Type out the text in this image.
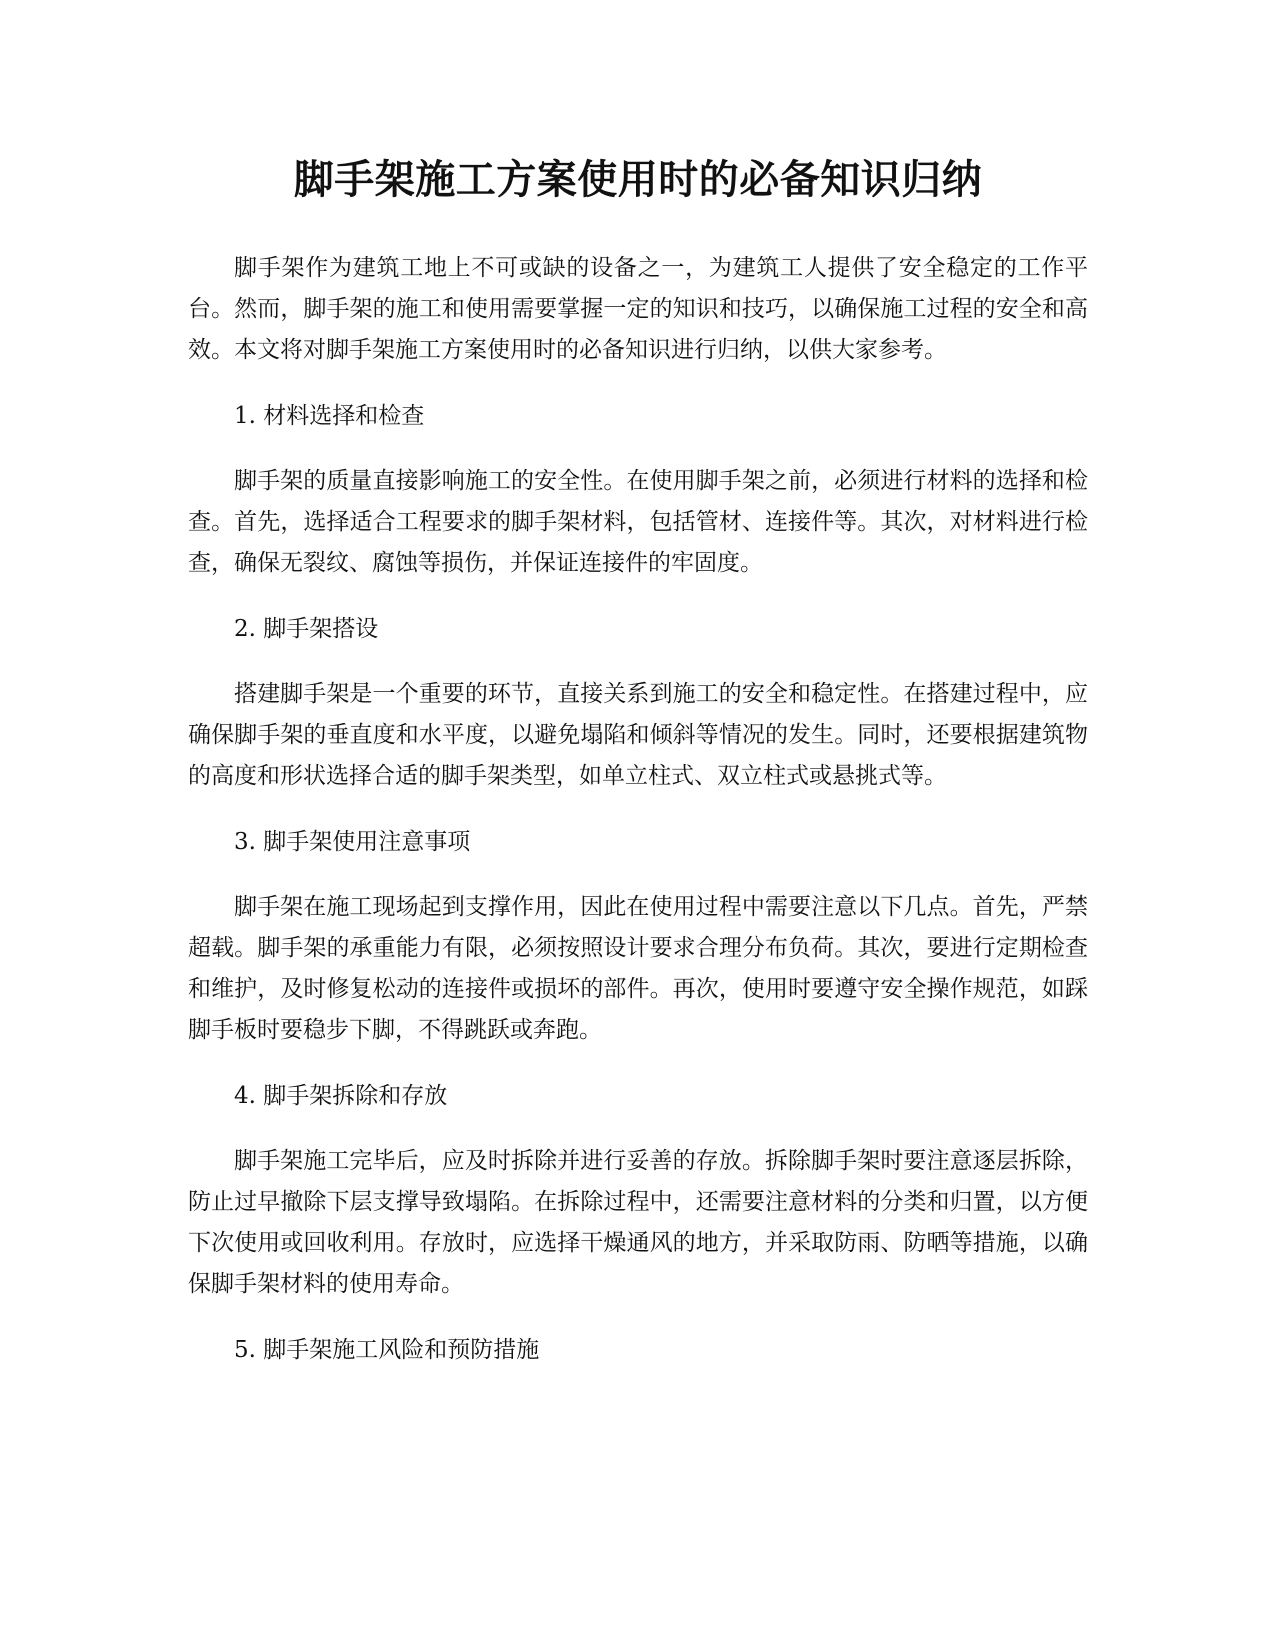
脚手架施工方案使用时的必备知识归纳

脚手架作为建筑工地上不可或缺的设备之一，为建筑工人提供了安全稳定的工作平台。然而，脚手架的施工和使用需要掌握一定的知识和技巧，以确保施工过程的安全和高效。本文将对脚手架施工方案使用时的必备知识进行归纳，以供大家参考。

1. 材料选择和检查

脚手架的质量直接影响施工的安全性。在使用脚手架之前，必须进行材料的选择和检查。首先，选择适合工程要求的脚手架材料，包括管材、连接件等。其次，对材料进行检查，确保无裂纹、腐蚀等损伤，并保证连接件的牢固度。

2. 脚手架搭设

搭建脚手架是一个重要的环节，直接关系到施工的安全和稳定性。在搭建过程中，应确保脚手架的垂直度和水平度，以避免塌陷和倾斜等情况的发生。同时，还要根据建筑物的高度和形状选择合适的脚手架类型，如单立柱式、双立柱式或悬挑式等。

3. 脚手架使用注意事项

脚手架在施工现场起到支撑作用，因此在使用过程中需要注意以下几点。首先，严禁超载。脚手架的承重能力有限，必须按照设计要求合理分布负荷。其次，要进行定期检查和维护，及时修复松动的连接件或损坏的部件。再次，使用时要遵守安全操作规范，如踩脚手板时要稳步下脚，不得跳跃或奔跑。

4. 脚手架拆除和存放

脚手架施工完毕后，应及时拆除并进行妥善的存放。拆除脚手架时要注意逐层拆除，防止过早撤除下层支撑导致塌陷。在拆除过程中，还需要注意材料的分类和归置，以方便下次使用或回收利用。存放时，应选择干燥通风的地方，并采取防雨、防晒等措施，以确保脚手架材料的使用寿命。

5. 脚手架施工风险和预防措施
